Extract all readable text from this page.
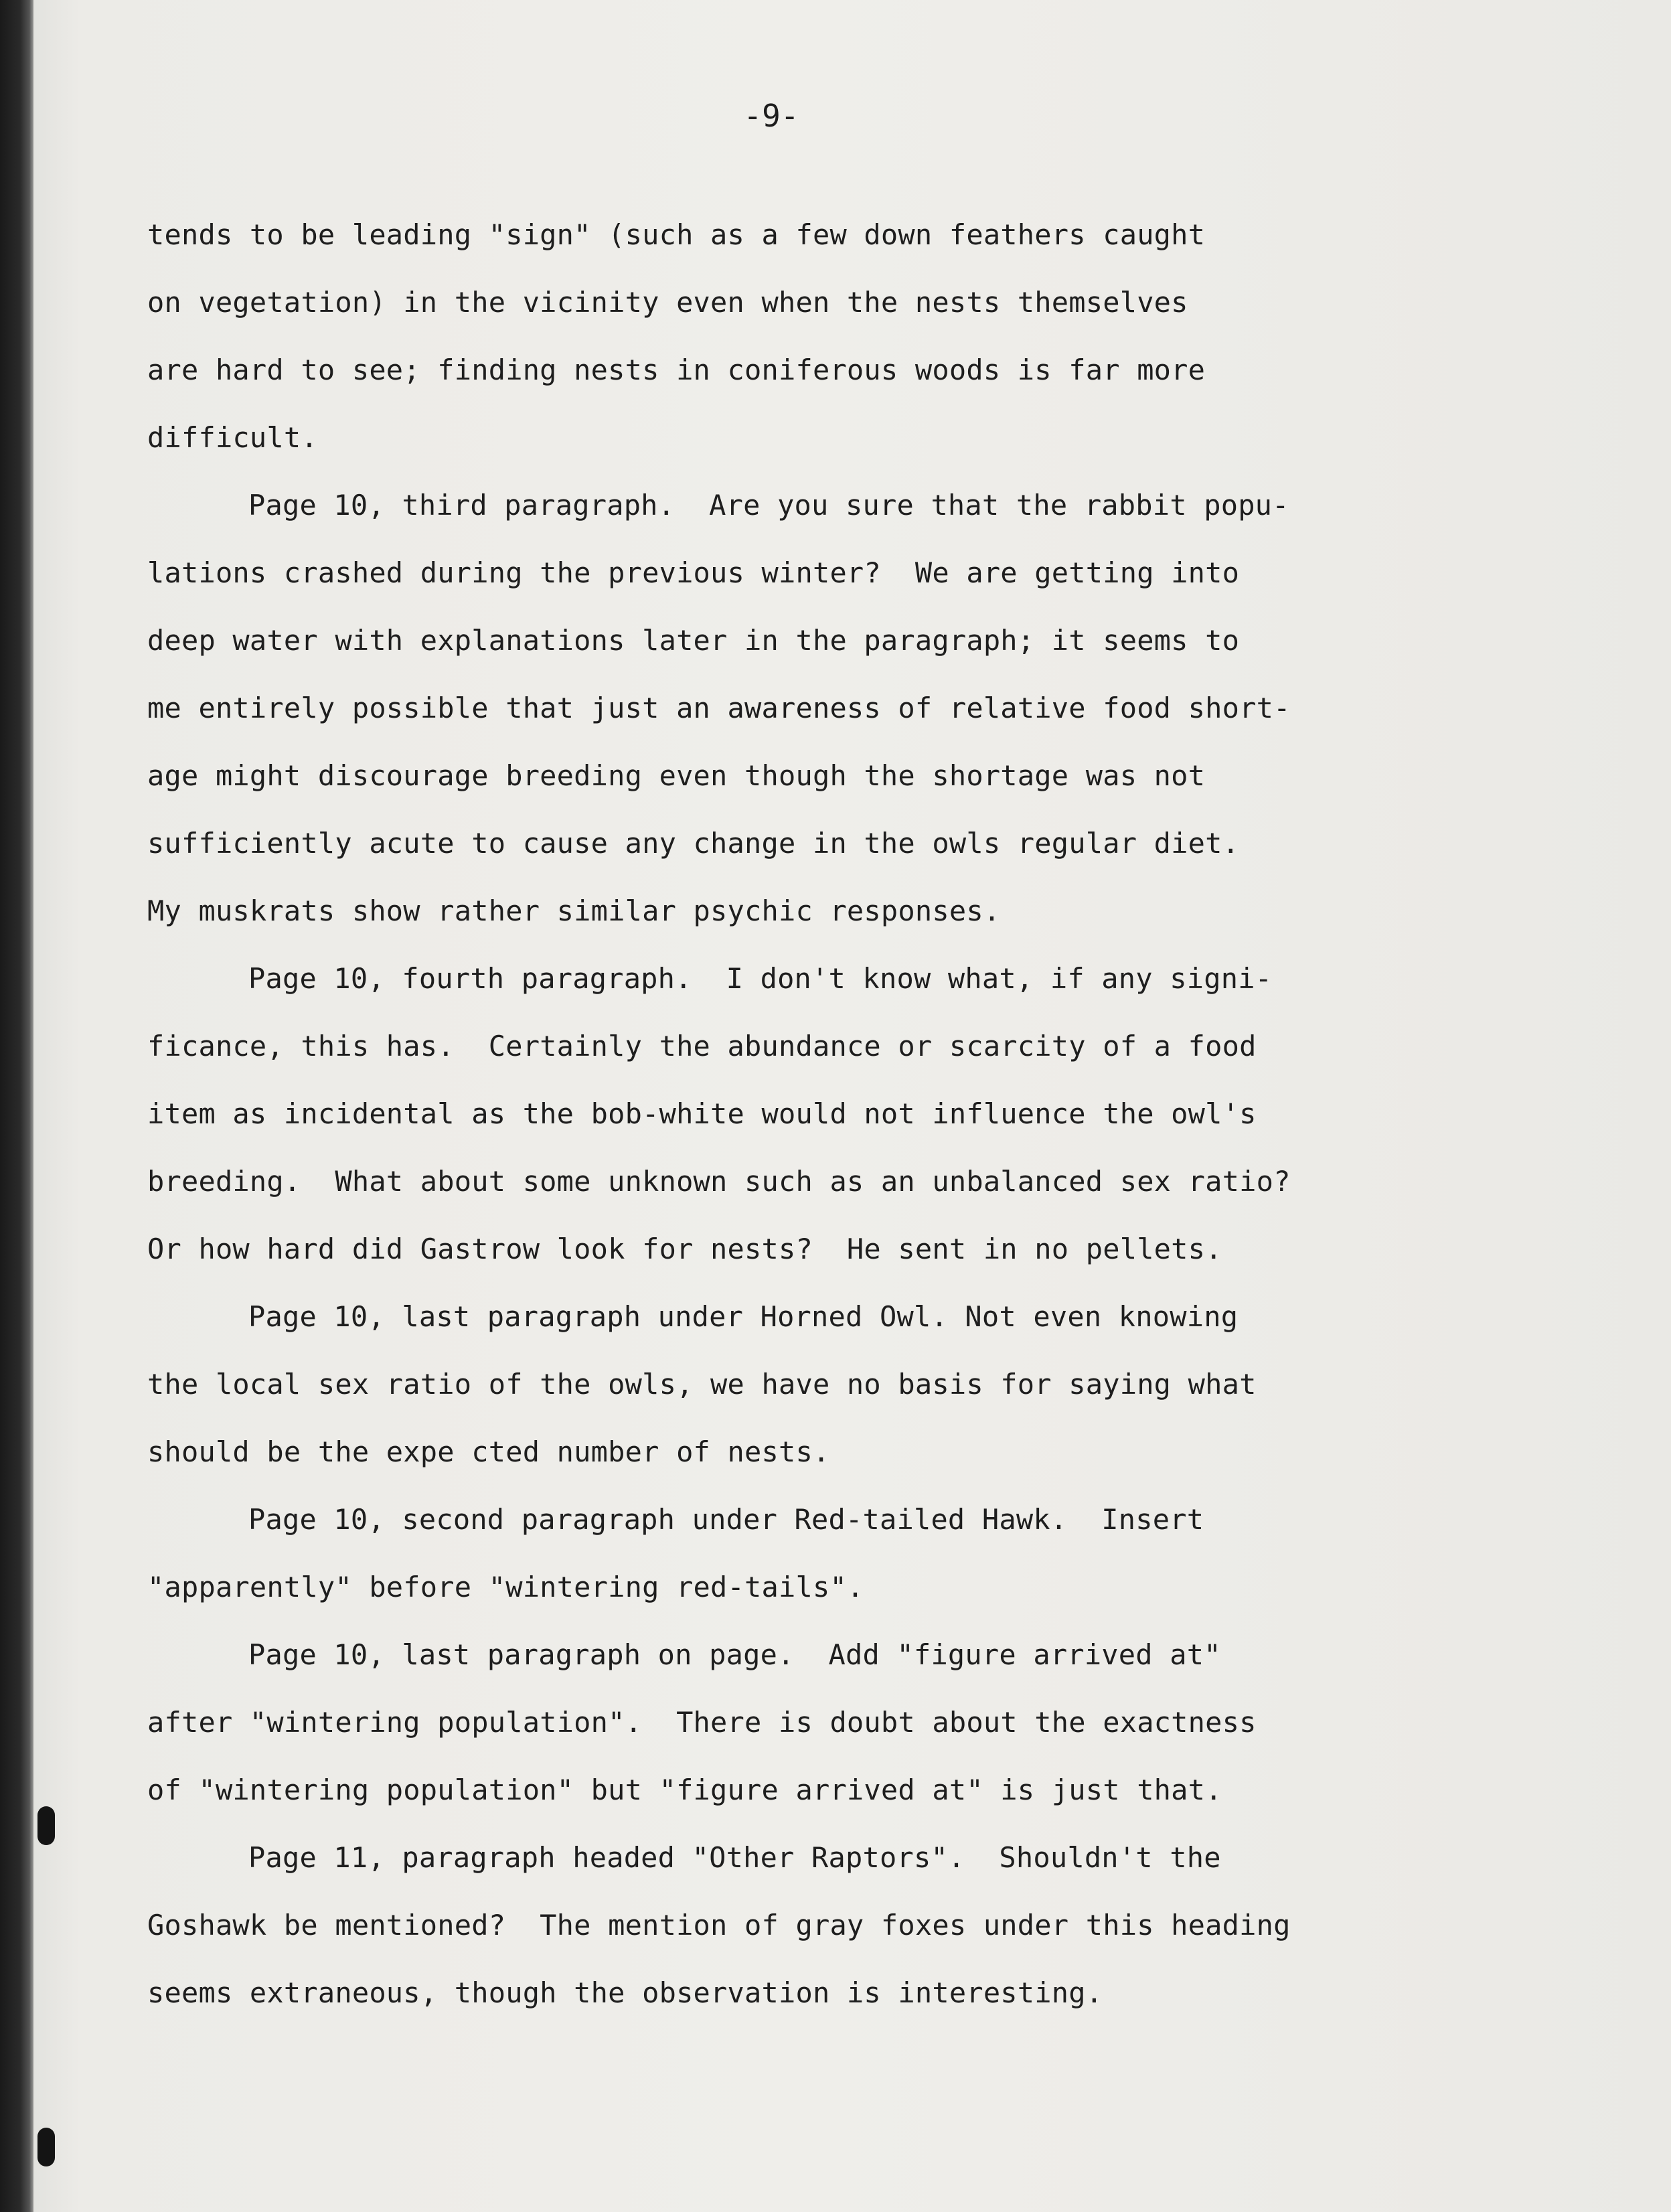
-9-
tends to be leading "sign" (such as a few down feathers caught
on vegetation) in the vicinity even when the nests themselves
are hard to see; finding nests in coniferous woods is far more
difficult.
Page 10, third paragraph.  Are you sure that the rabbit popu-
lations crashed during the previous winter?  We are getting into
deep water with explanations later in the paragraph; it seems to
me entirely possible that just an awareness of relative food short-
age might discourage breeding even though the shortage was not
sufficiently acute to cause any change in the owls regular diet.
My muskrats show rather similar psychic responses.
Page 10, fourth paragraph.  I don't know what, if any signi-
ficance, this has.  Certainly the abundance or scarcity of a food
item as incidental as the bob-white would not influence the owl's
breeding.  What about some unknown such as an unbalanced sex ratio?
Or how hard did Gastrow look for nests?  He sent in no pellets.
Page 10, last paragraph under Horned Owl. Not even knowing
the local sex ratio of the owls, we have no basis for saying what
should be the expe cted number of nests.
Page 10, second paragraph under Red-tailed Hawk.  Insert
"apparently" before "wintering red-tails".
Page 10, last paragraph on page.  Add "figure arrived at"
after "wintering population".  There is doubt about the exactness
of "wintering population" but "figure arrived at" is just that.
Page 11, paragraph headed "Other Raptors".  Shouldn't the
Goshawk be mentioned?  The mention of gray foxes under this heading
seems extraneous, though the observation is interesting.
